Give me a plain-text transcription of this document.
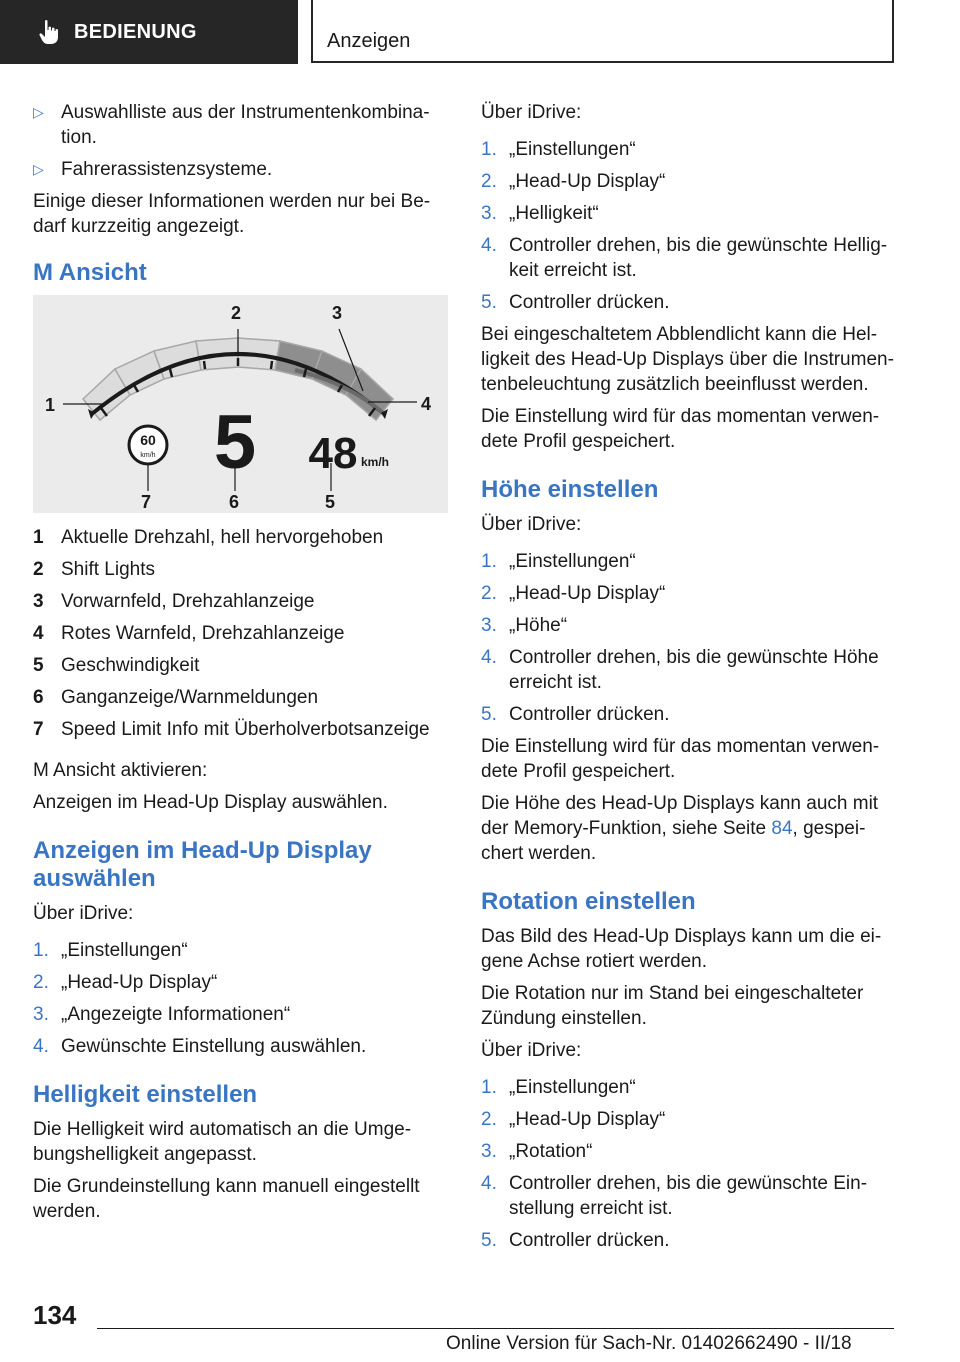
BEDIENUNG	Anzeigen
▷ Auswahlliste aus der Instrumentenkombina-tion.
▷ Fahrerassistenzsysteme.

Einige dieser Informationen werden nur bei Be-darf kurzzeitig angezeigt.

M Ansicht
60
km/h 5 48 km/h
1
2	3
4
5
6
7
1 Aktuelle Drehzahl, hell hervorgehoben
2 Shift Lights
3 Vorwarnfeld, Drehzahlanzeige
4 Rotes Warnfeld, Drehzahlanzeige
5 Geschwindigkeit
6 Ganganzeige/Warnmeldungen
7 Speed Limit Info mit Überholverbotsanzeige

M Ansicht aktivieren:

Anzeigen im Head-Up Display auswählen.

Anzeigen im Head-Up Display auswählen

Über iDrive:

1. „Einstellungen“
2. „Head-Up Display“
3. „Angezeigte Informationen“
4. Gewünschte Einstellung auswählen.
Helligkeit einstellen

Die Helligkeit wird automatisch an die Umge-bungshelligkeit angepasst.

Die Grundeinstellung kann manuell eingestellt werden.

Über iDrive:

1. „Einstellungen“
2. „Head-Up Display“
3. „Helligkeit“
4. Controller drehen, bis die gewünschte Hellig-keit erreicht ist.
5. Controller drücken.

Bei eingeschaltetem Abblendlicht kann die Hel-ligkeit des Head-Up Displays über die Instrumen-tenbeleuchtung zusätzlich beeinflusst werden.

Die Einstellung wird für das momentan verwen-dete Profil gespeichert.

Höhe einstellen

Über iDrive:

1. „Einstellungen“
2. „Head-Up Display“
3. „Höhe“
4. Controller drehen, bis die gewünschte Höhe erreicht ist.
5. Controller drücken.

Die Einstellung wird für das momentan verwen-dete Profil gespeichert.

Die Höhe des Head-Up Displays kann auch mit der Memory-Funktion, siehe Seite 84, gespei-chert werden.

Rotation einstellen

Das Bild des Head-Up Displays kann um die ei-gene Achse rotiert werden.

Die Rotation nur im Stand bei eingeschalteter Zündung einstellen.

Über iDrive:

1. „Einstellungen“
2. „Head-Up Display“
3. „Rotation“
4. Controller drehen, bis die gewünschte Ein-stellung erreicht ist.
5. Controller drücken.
134
Online Version für Sach-Nr. 01402662490 - II/18
